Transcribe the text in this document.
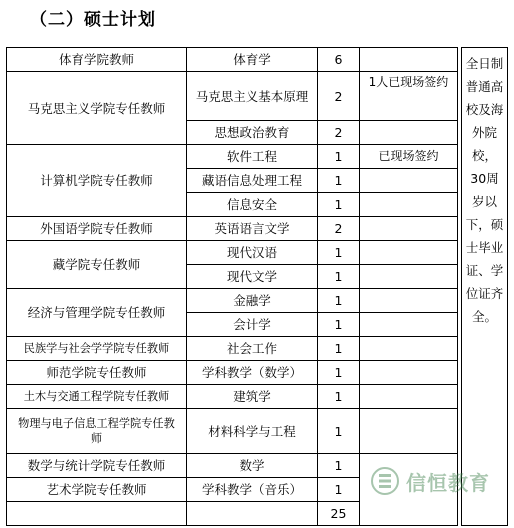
（二）硕士计划
体育学院教师	体育学	6			全日制普通高校及海外院校，30周岁以下，硕士毕业证、学位证齐全。
马克思主义学院专任教师	马克思主义基本原理	2	1人已现场签约		
	思想政治教育	2			
计算机学院专任教师	软件工程	1	已现场签约		
	藏语信息处理工程	1			
	信息安全	1			
外国语学院专任教师	英语语言文学	2			
藏学院专任教师	现代汉语	1			
	现代文学	1			
经济与管理学院专任教师	金融学	1			
	会计学	1			
民族学与社会学学院专任教师	社会工作	1			
师范学院专任教师	学科教学（数学）	1			
土木与交通工程学院专任教师	建筑学	1			
物理与电子信息工程学院专任教师	材料科学与工程	1			
数学与统计学院专任教师	数学	1			
艺术学院专任教师	学科教学（音乐）	1			
		25			
信恒教育
